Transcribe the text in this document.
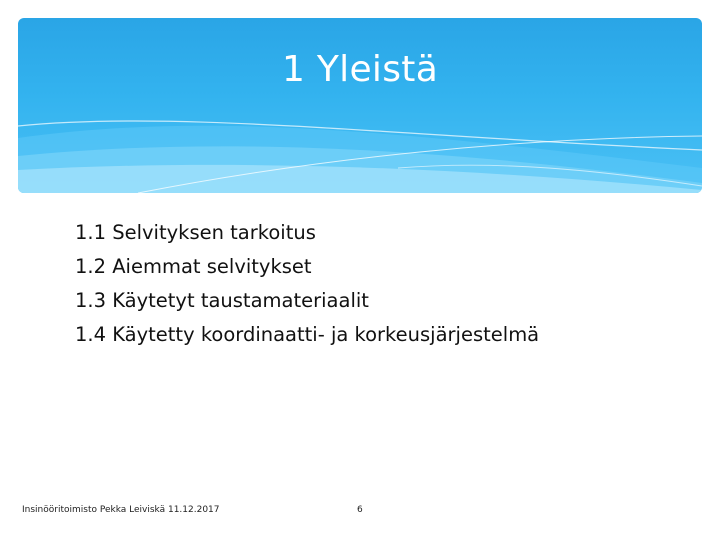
1 Yleistä
1.1 Selvityksen tarkoitus
1.2 Aiemmat selvitykset
1.3 Käytetyt taustamateriaalit
1.4 Käytetty koordinaatti- ja korkeusjärjestelmä
Insinööritoimisto Pekka Leiviskä 11.12.2017	6
